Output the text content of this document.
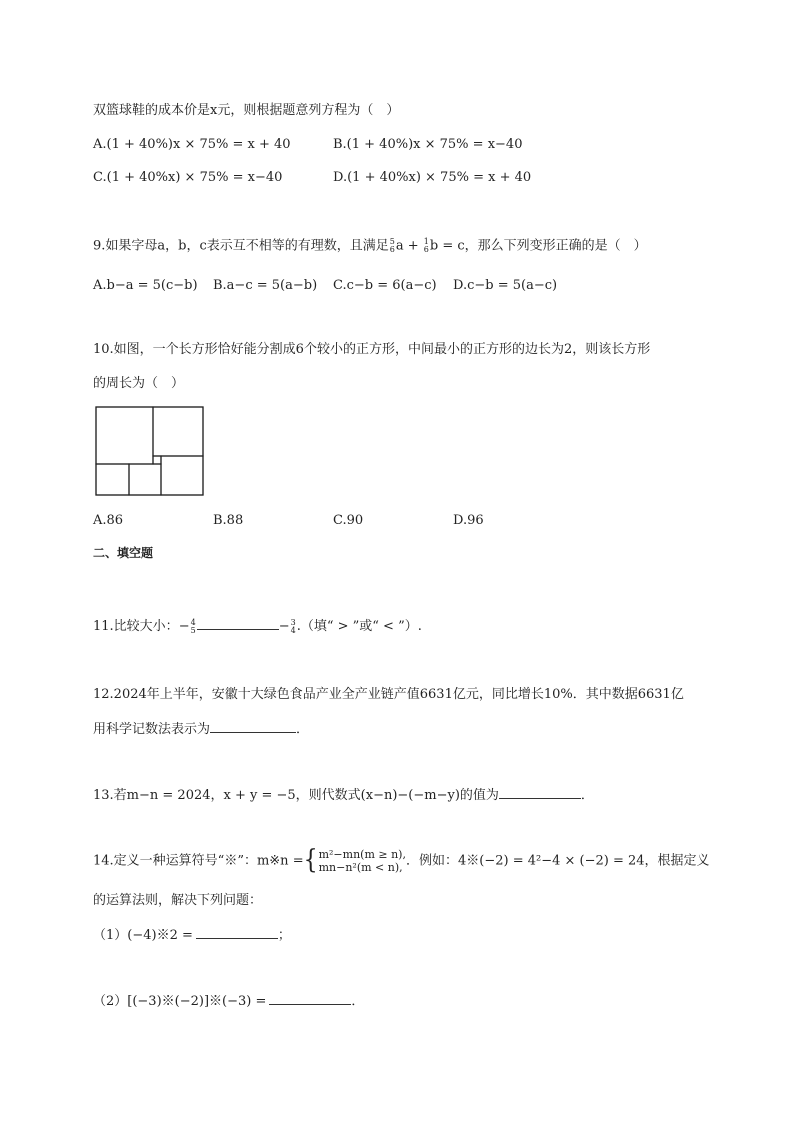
双篮球鞋的成本价是x元，则根据题意列方程为（　）
A.(1 + 40%)x × 75% = x + 40	B.(1 + 40%)x × 75% = x−40
C.(1 + 40%x) × 75% = x−40	D.(1 + 40%x) × 75% = x + 40
9.如果字母a，b，c表示互不相等的有理数，且满足 5
6 a + 1
6 b = c，那么下列变形正确的是（　）
A.b−a = 5(c−b) B.a−c = 5(a−b) C.c−b = 6(a−c) D.c−b = 5(a−c)
10.如图，一个长方形恰好能分割成6个较小的正方形，中间最小的正方形的边长为2，则该长方形
的周长为（　）
A.86	B.88	C.90	D.96
二、填空题
11.比较大小：− 4
5	− 3
4 .（填“ > ”或“ < ”）.
12.2024年上半年，安徽十大绿色食品产业全产业链产值6631亿元，同比增长10%．其中数据6631亿
用科学记数法表示为	．
13.若m−n = 2024，x + y = −5，则代数式(x−n)−(−m−y)的值为	．
14.定义一种运算符号“※”：m※n ={ m²−mn(m ≥ n),
mn−n²(m < n), ．例如：4※(−2) = 4²−4 × (−2) = 24，根据定义
的运算法则，解决下列问题：
（1）(−4)※2 =	；
（2）[(−3)※(−2)]※(−3) =	．
